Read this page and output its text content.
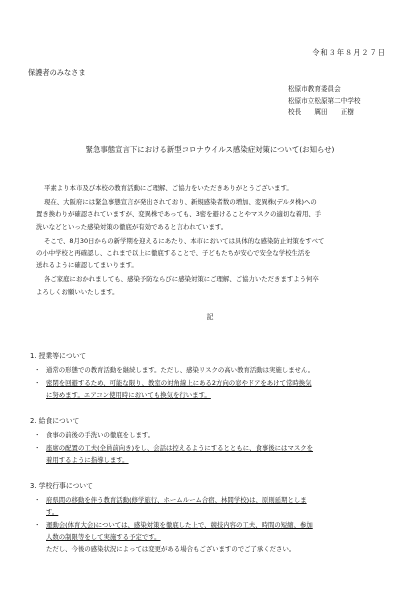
令和３年８月２７日
保護者のみなさま
松原市教育委員会
松原市立松原第二中学校
校長　　厲田　　正樹
緊急事態宣言下における新型コロナウイルス感染症対策について(お知らせ)

平素より本市及び本校の教育活動にご理解、ご協力をいただきありがとうございます。

現在、大阪府には緊急事態宣言が発出されており、新規感染者数の増加、変異株(デルタ株)への
置き換わりが確認されていますが、変異株であっても、3密を避けることやマスクの適切な着用、手
洗いなどといった感染対策の徹底が有効であると言われています。

そこで、8月30日からの新学期を迎えるにあたり、本市においては具体的な感染防止対策をすべて
の小中学校と再確認し、これまで以上に徹底することで、子どもたちが安心で安全な学校生活を
送れるように確認してまいります。

各ご家庭におかれましても、感染予防ならびに感染対策にご理解、ご協力いただきますよう何卒
よろしくお願いいたします。

記
1. 授業等について
・ 通常の形態での教育活動を継続します。ただし、感染リスクの高い教育活動は実施しません。
・ 密閉を回避するため、可能な限り、教室の対角線上にある2方向の窓やドアをあけて常時換気
に努めます。エアコン使用時においても換気を行います。
2. 給食について
・ 食事の前後の手洗いの徹底をします。
・ 座席の配置の工夫(全員前向き)をし、会話は控えるようにするとともに、食事後にはマスクを
着用するように指導します。
3. 学校行事について
・ 府県間の移動を伴う教育活動(修学旅行、ホームルーム合宿、林間学校)は、原則延期としま
す。
・ 運動会(体育大会)については、感染対策を徹底した上で、競技内容の工夫、時間の短縮、参加
人数の制限等をして実施する予定です。
ただし、今後の感染状況によっては変更がある場合もございますのでご了承ください。
